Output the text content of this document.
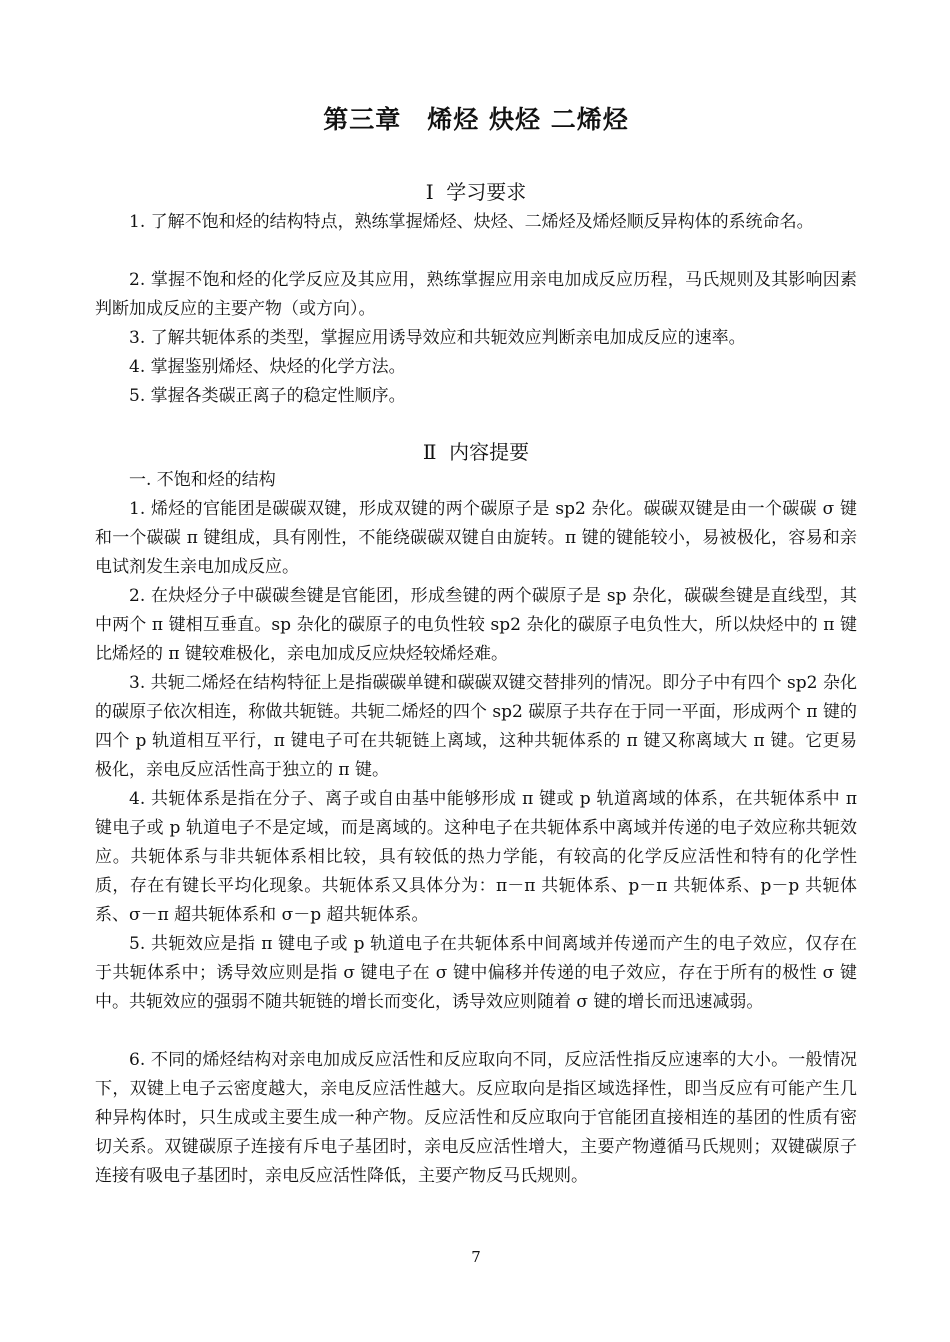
第三章　烯烃 炔烃 二烯烃
Ⅰ  学习要求

1. 了解不饱和烃的结构特点，熟练掌握烯烃、炔烃、二烯烃及烯烃顺反异构体的系统命名。

2. 掌握不饱和烃的化学反应及其应用，熟练掌握应用亲电加成反应历程，马氏规则及其影响因素判断加成反应的主要产物（或方向）。

3. 了解共轭体系的类型，掌握应用诱导效应和共轭效应判断亲电加成反应的速率。

4. 掌握鉴别烯烃、炔烃的化学方法。

5. 掌握各类碳正离子的稳定性顺序。

Ⅱ  内容提要

一. 不饱和烃的结构

1. 烯烃的官能团是碳碳双键，形成双键的两个碳原子是 sp2 杂化。碳碳双键是由一个碳碳 σ 键和一个碳碳 π 键组成，具有刚性，不能绕碳碳双键自由旋转。π 键的键能较小，易被极化，容易和亲电试剂发生亲电加成反应。

2. 在炔烃分子中碳碳叁键是官能团，形成叁键的两个碳原子是 sp 杂化，碳碳叁键是直线型，其中两个 π 键相互垂直。sp 杂化的碳原子的电负性较 sp2 杂化的碳原子电负性大，所以炔烃中的 π 键比烯烃的 π 键较难极化，亲电加成反应炔烃较烯烃难。

3. 共轭二烯烃在结构特征上是指碳碳单键和碳碳双键交替排列的情况。即分子中有四个 sp2 杂化的碳原子依次相连，称做共轭链。共轭二烯烃的四个 sp2 碳原子共存在于同一平面，形成两个 π 键的四个 p 轨道相互平行，π 键电子可在共轭链上离域，这种共轭体系的 π 键又称离域大 π 键。它更易极化，亲电反应活性高于独立的 π 键。

4. 共轭体系是指在分子、离子或自由基中能够形成 π 键或 p 轨道离域的体系，在共轭体系中 π 键电子或 p 轨道电子不是定域，而是离域的。这种电子在共轭体系中离域并传递的电子效应称共轭效应。共轭体系与非共轭体系相比较，具有较低的热力学能，有较高的化学反应活性和特有的化学性质，存在有键长平均化现象。共轭体系又具体分为：π－π 共轭体系、p－π 共轭体系、p－p 共轭体系、σ－π 超共轭体系和 σ－p 超共轭体系。

5. 共轭效应是指 π 键电子或 p 轨道电子在共轭体系中间离域并传递而产生的电子效应，仅存在于共轭体系中；诱导效应则是指 σ 键电子在 σ 键中偏移并传递的电子效应，存在于所有的极性 σ 键中。共轭效应的强弱不随共轭链的增长而变化，诱导效应则随着 σ 键的增长而迅速减弱。

6. 不同的烯烃结构对亲电加成反应活性和反应取向不同，反应活性指反应速率的大小。一般情况下，双键上电子云密度越大，亲电反应活性越大。反应取向是指区域选择性，即当反应有可能产生几种异构体时，只生成或主要生成一种产物。反应活性和反应取向于官能团直接相连的基团的性质有密切关系。双键碳原子连接有斥电子基团时，亲电反应活性增大，主要产物遵循马氏规则；双键碳原子连接有吸电子基团时，亲电反应活性降低，主要产物反马氏规则。

7
